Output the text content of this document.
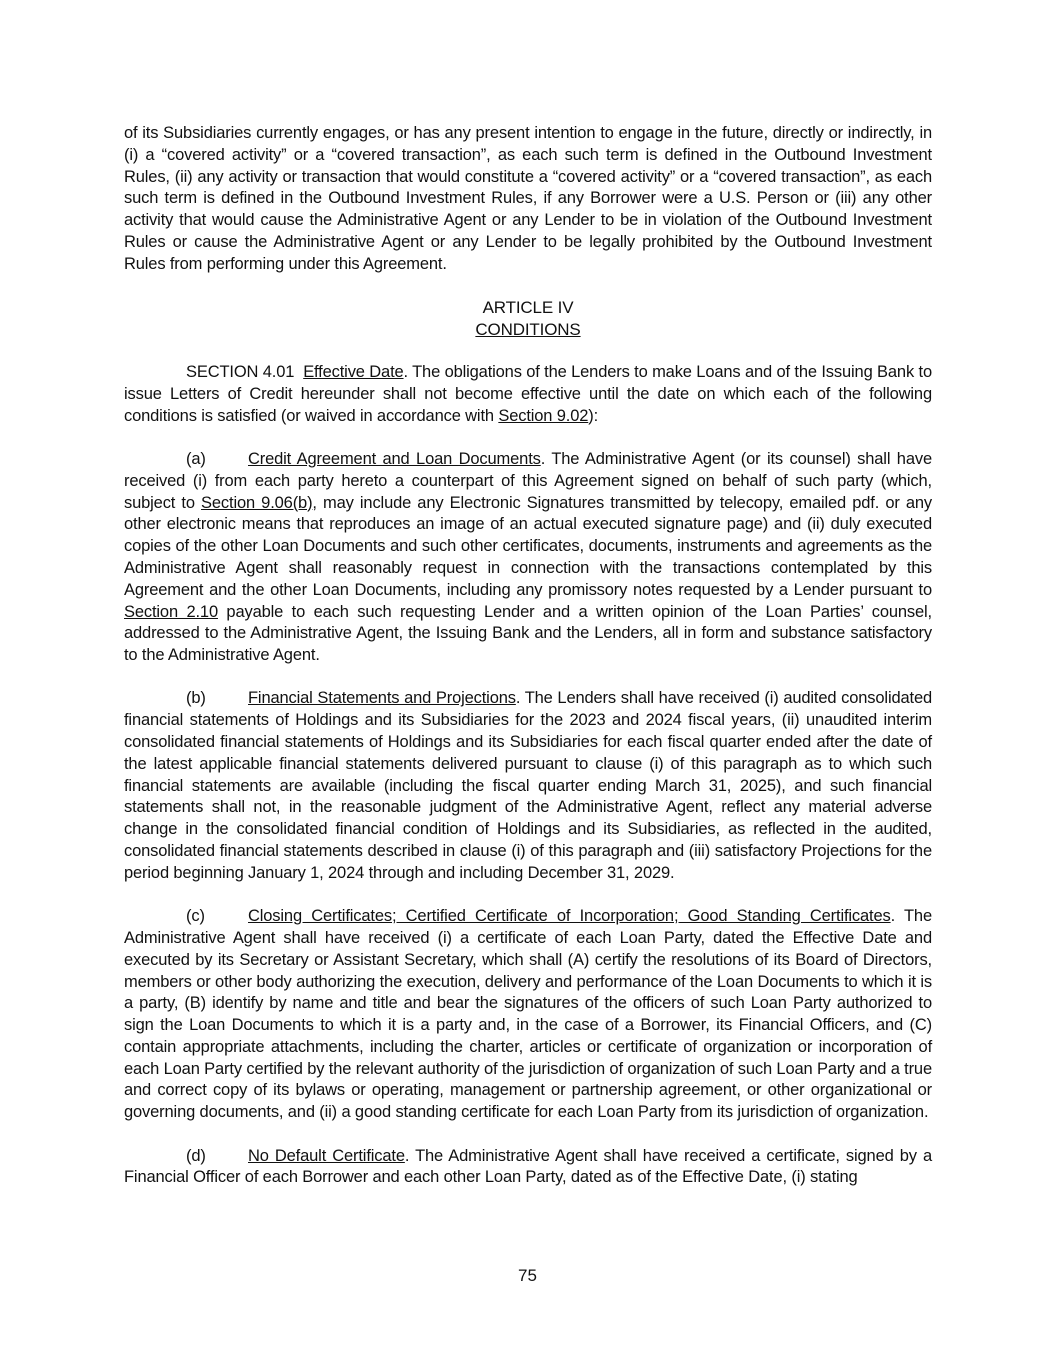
of its Subsidiaries currently engages, or has any present intention to engage in the future, directly or indirectly, in (i) a “covered activity” or a “covered transaction”, as each such term is defined in the Outbound Investment Rules, (ii) any activity or transaction that would constitute a “covered activity” or a “covered transaction”, as each such term is defined in the Outbound Investment Rules, if any Borrower were a U.S. Person or (iii) any other activity that would cause the Administrative Agent or any Lender to be in violation of the Outbound Investment Rules or cause the Administrative Agent or any Lender to be legally prohibited by the Outbound Investment Rules from performing under this Agreement.

ARTICLE IV
CONDITIONS

SECTION 4.01 Effective Date. The obligations of the Lenders to make Loans and of the Issuing Bank to issue Letters of Credit hereunder shall not become effective until the date on which each of the following conditions is satisfied (or waived in accordance with Section 9.02):

(a)	Credit Agreement and Loan Documents. The Administrative Agent (or its counsel) shall have received (i) from each party hereto a counterpart of this Agreement signed on behalf of such party (which, subject to Section 9.06(b), may include any Electronic Signatures transmitted by telecopy, emailed pdf. or any other electronic means that reproduces an image of an actual executed signature page) and (ii) duly executed copies of the other Loan Documents and such other certificates, documents, instruments and agreements as the Administrative Agent shall reasonably request in connection with the transactions contemplated by this Agreement and the other Loan Documents, including any promissory notes requested by a Lender pursuant to Section 2.10 payable to each such requesting Lender and a written opinion of the Loan Parties’ counsel, addressed to the Administrative Agent, the Issuing Bank and the Lenders, all in form and substance satisfactory to the Administrative Agent.

(b)	Financial Statements and Projections. The Lenders shall have received (i) audited consolidated financial statements of Holdings and its Subsidiaries for the 2023 and 2024 fiscal years, (ii) unaudited interim consolidated financial statements of Holdings and its Subsidiaries for each fiscal quarter ended after the date of the latest applicable financial statements delivered pursuant to clause (i) of this paragraph as to which such financial statements are available (including the fiscal quarter ending March 31, 2025), and such financial statements shall not, in the reasonable judgment of the Administrative Agent, reflect any material adverse change in the consolidated financial condition of Holdings and its Subsidiaries, as reflected in the audited, consolidated financial statements described in clause (i) of this paragraph and (iii) satisfactory Projections for the period beginning January 1, 2024 through and including December 31, 2029.

(c)	Closing Certificates; Certified Certificate of Incorporation; Good Standing Certificates. The Administrative Agent shall have received (i) a certificate of each Loan Party, dated the Effective Date and executed by its Secretary or Assistant Secretary, which shall (A) certify the resolutions of its Board of Directors, members or other body authorizing the execution, delivery and performance of the Loan Documents to which it is a party, (B) identify by name and title and bear the signatures of the officers of such Loan Party authorized to sign the Loan Documents to which it is a party and, in the case of a Borrower, its Financial Officers, and (C) contain appropriate attachments, including the charter, articles or certificate of organization or incorporation of each Loan Party certified by the relevant authority of the jurisdiction of organization of such Loan Party and a true and correct copy of its bylaws or operating, management or partnership agreement, or other organizational or governing documents, and (ii) a good standing certificate for each Loan Party from its jurisdiction of organization.

(d)	No Default Certificate. The Administrative Agent shall have received a certificate, signed by a Financial Officer of each Borrower and each other Loan Party, dated as of the Effective Date, (i) stating

75
